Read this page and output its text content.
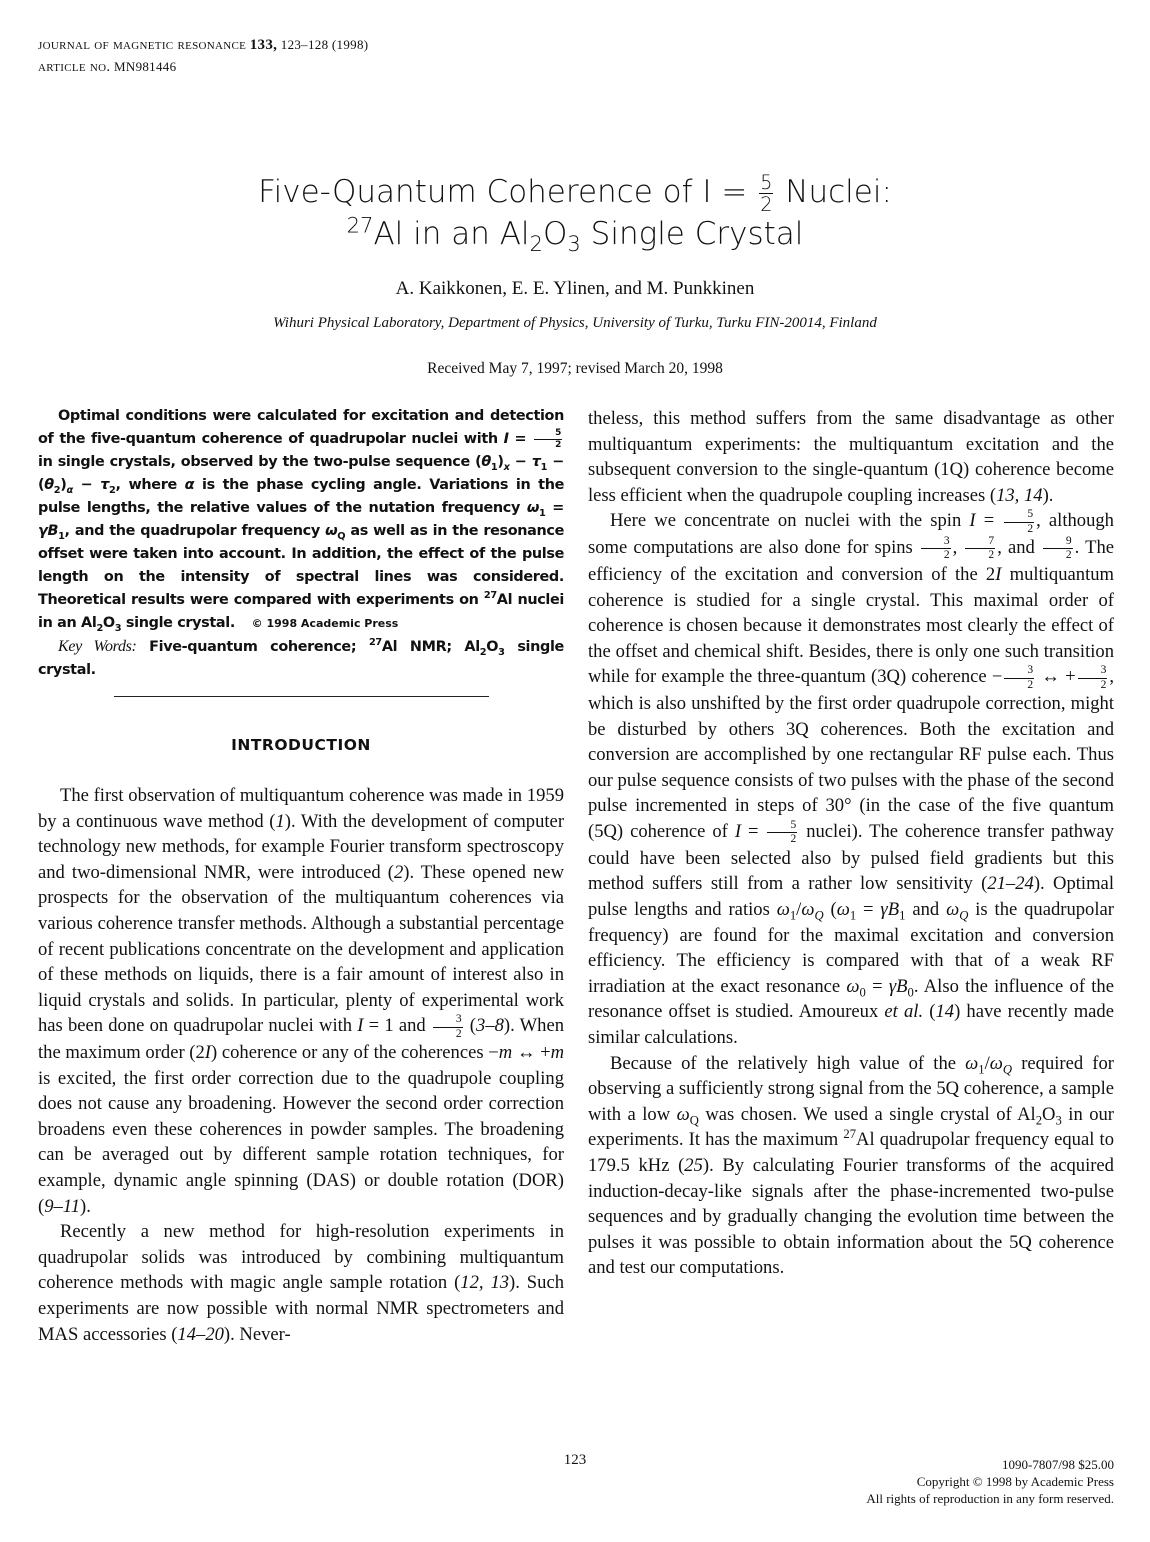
journal of magnetic resonance 133, 123–128 (1998)
article no. MN981446
Five-Quantum Coherence of $I = \frac{5}{2}$ Nuclei:
$^{27}$Al in an $Al_2O_3$ Single Crystal
A. Kaikkonen, E. E. Ylinen, and M. Punkkinen
Wihuri Physical Laboratory, Department of Physics, University of Turku, Turku FIN-20014, Finland
Received May 7, 1997; revised March 20, 1998

Optimal conditions were calculated for excitation and detection of the five-quantum coherence of quadrupolar nuclei with $I = \frac{5}{2}$
in single crystals, observed by the two-pulse sequence $(\theta_1)_x - \tau_1 - (\theta_2)_\alpha - \tau_2$, where α is the phase cycling angle. Variations in the pulse lengths, the relative values of the nutation frequency $\omega_1 = \gamma B_1$, and the quadrupolar frequency $\omega_Q$ as well as in the resonance offset were taken into account. In addition, the effect of the pulse length on the intensity of spectral lines was considered. Theoretical results were compared with experiments on $^{27}$Al nuclei in an $Al_2O_3$ single crystal. © 1998 Academic Press

Key Words: Five-quantum coherence; $^{27}$Al NMR; $Al_2O_3$ single crystal.

INTRODUCTION

The first observation of multiquantum coherence was made in 1959 by a continuous wave method (1). With the development of computer technology new methods, for example Fourier transform spectroscopy and two-dimensional NMR, were introduced (2). These opened new prospects for the observation of the multiquantum coherences via various coherence transfer methods. Although a substantial percentage of recent publications concentrate on the development and application of these methods on liquids, there is a fair amount of interest also in liquid crystals and solids. In particular, plenty of experimental work has been done on quadrupolar nuclei with I = 1 and $\frac{3}{2} (3-8)$. When the maximum order (2I) coherence or any of the coherences −m ↔ +m is excited, the first order correction due to the quadrupole coupling does not cause any broadening. However the second order correction broadens even these coherences in powder samples. The broadening can be averaged out by different sample rotation techniques, for example, dynamic angle spinning (DAS) or double rotation (DOR) (9–11).

Recently a new method for high-resolution experiments in quadrupolar solids was introduced by combining multiquantum coherence methods with magic angle sample rotation (12, 13). Such experiments are now possible with normal NMR spectrometers and MAS accessories (14–20). Never-

theless, this method suffers from the same disadvantage as other multiquantum experiments: the multiquantum excitation and the subsequent conversion to the single-quantum (1Q) coherence become less efficient when the quadrupole coupling increases (13, 14).

Here we concentrate on nuclei with the spin $I = \frac{5}{2}$ , although some computations are also done for spins $\frac{3}{2}$ , $\frac{7}{2}$ , and $\frac{9}{2}$ . The efficiency of the excitation and conversion of the 2I multiquantum coherence is studied for a single crystal. This maximal order of coherence is chosen because it demonstrates most clearly the effect of the offset and chemical shift. Besides, there is only one such transition while for example the three-quantum (3Q) coherence − $\frac{3}{2}$ ↔ + $\frac{3}{2}$ , which is also unshifted by the first order quadrupole correction, might be disturbed by others 3Q coherences. Both the excitation and conversion are accomplished by one rectangular RF pulse each. Thus our pulse sequence consists of two pulses with the phase of the second pulse incremented in steps of 30° (in the case of the five quantum (5Q) coherence of $I = \frac{5}{2}$ nuclei). The coherence transfer pathway could have been selected also by pulsed field gradients but this method suffers still from a rather low sensitivity (21–24). Optimal pulse lengths and ratios $\omega_1/\omega_Q$ ($\omega_1 = \gamma B_1$ and $\omega_Q$ is the quadrupolar frequency) are found for the maximal excitation and conversion efficiency. The efficiency is compared with that of a weak RF irradiation at the exact resonance $\omega_0 = \gamma B_0$. Also the influence of the resonance offset is studied. Amoureux et al. (14) have recently made similar calculations.

Because of the relatively high value of the $\omega_1/\omega_Q$ required for observing a sufficiently strong signal from the 5Q coherence, a sample with a low $\omega_Q$ was chosen. We used a single crystal of $Al_2O_3$ in our experiments. It has the maximum $^{27}$Al quadrupolar frequency equal to 179.5 kHz (25). By calculating Fourier transforms of the acquired induction-decay-like signals after the phase-incremented two-pulse sequences and by gradually changing the evolution time between the pulses it was possible to obtain information about the 5Q coherence and test our computations.

123	1090-7807/98 $25.00
Copyright © 1998 by Academic Press
All rights of reproduction in any form reserved.
